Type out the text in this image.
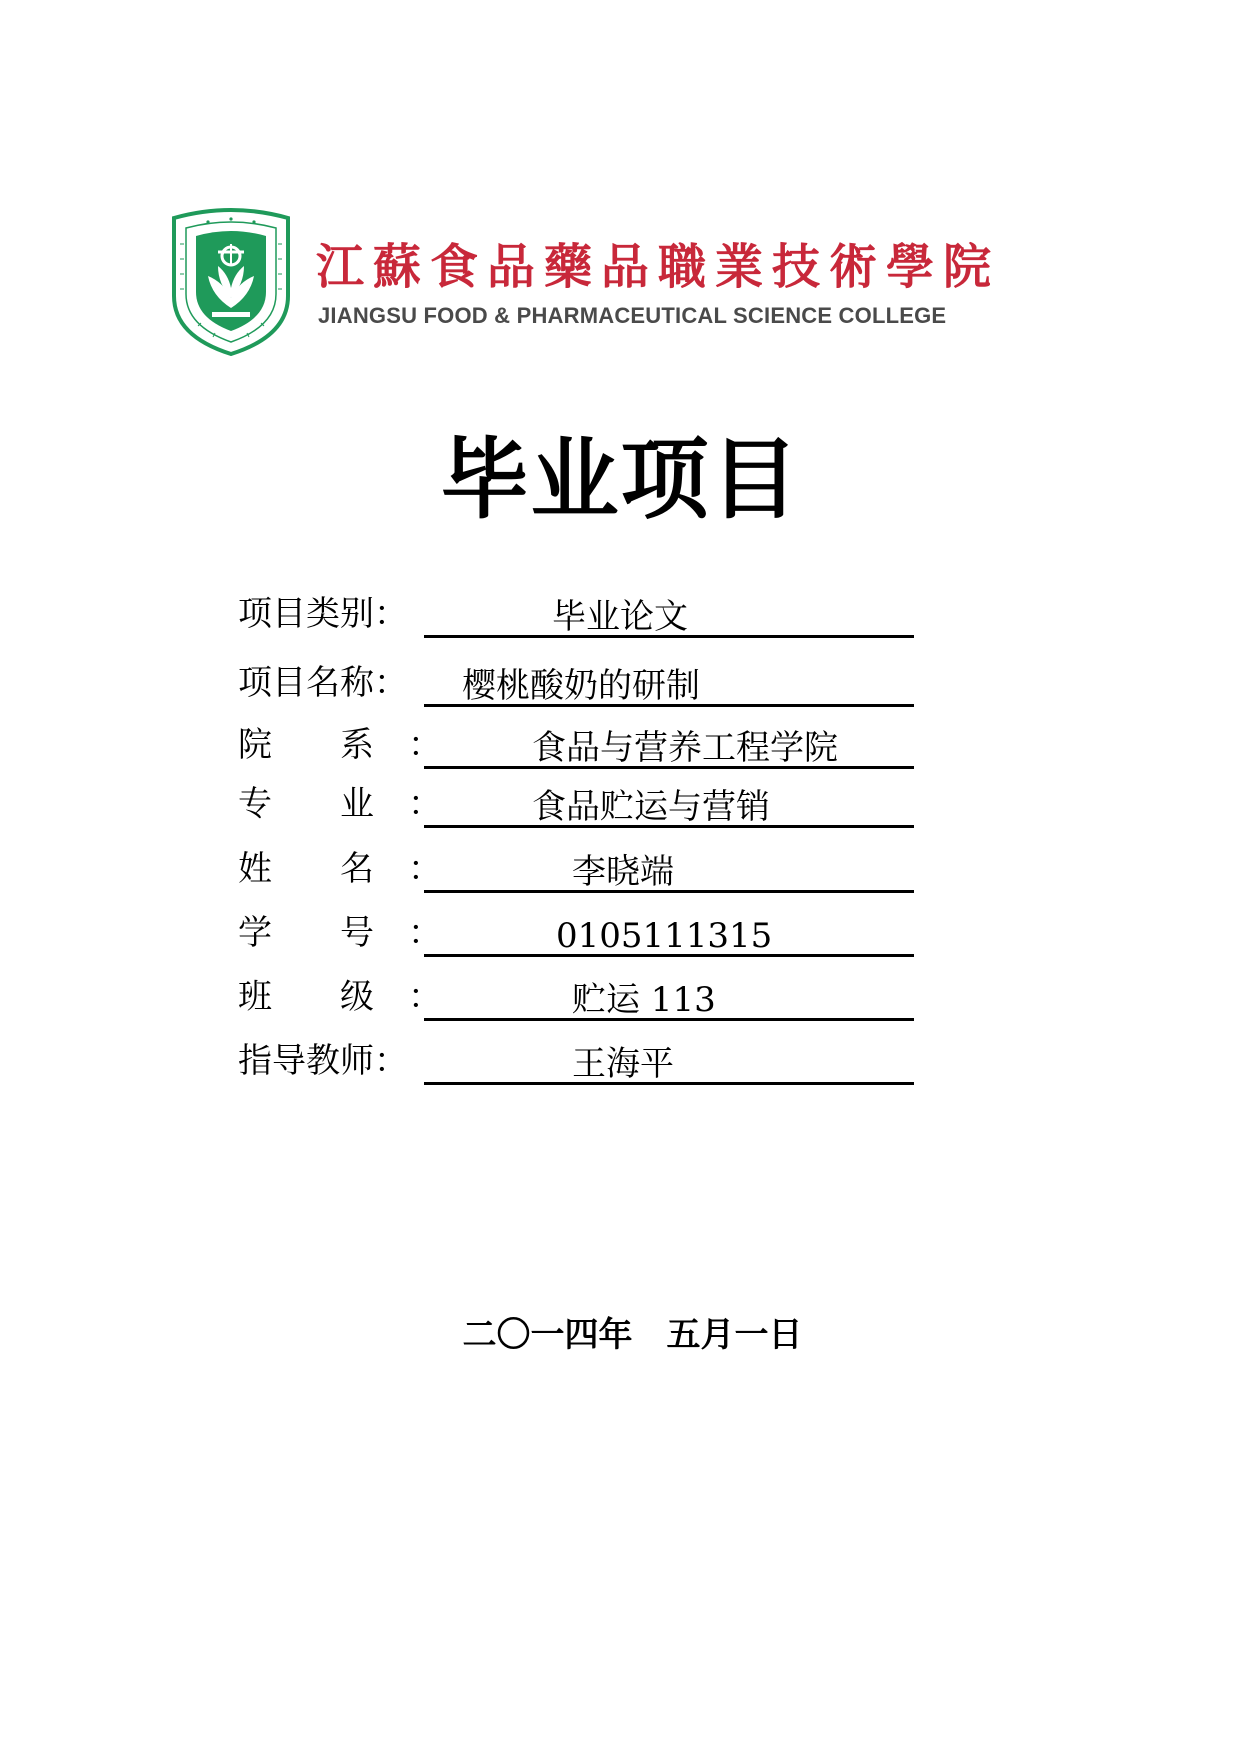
江蘇食品藥品職業技術學院
JIANGSU FOOD & PHARMACEUTICAL SCIENCE COLLEGE
毕业项目
项目类别：	毕业论文
项目名称： 樱桃酸奶的研制
院　　系　：	食品与营养工程学院
专　　业　：	食品贮运与营销
姓　　名　：	李晓端
学　　号　：	0105111315
班　　级　：	贮运 113
指导教师：	王海平
二〇一四年　五月一日
